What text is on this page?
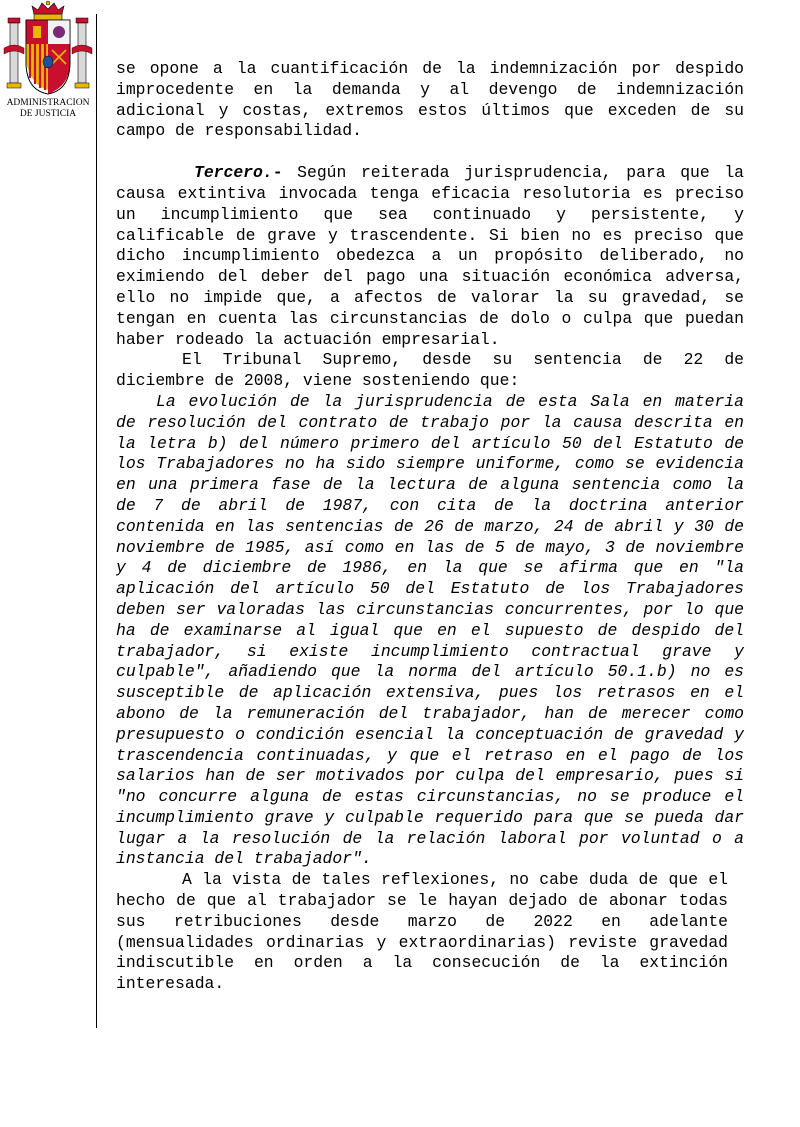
ADMINISTRACION
DE JUSTICIA

se opone a la cuantificación de la indemnización por despido improcedente en la demanda y al devengo de indemnización adicional y costas, extremos estos últimos que exceden de su campo de responsabilidad.

Tercero.- Según reiterada jurisprudencia, para que la causa extintiva invocada tenga eficacia resolutoria es preciso un incumplimiento que sea continuado y persistente, y calificable de grave y trascendente. Si bien no es preciso que dicho incumplimiento obedezca a un propósito deliberado, no eximiendo del deber del pago una situación económica adversa, ello no impide que, a afectos de valorar la su gravedad, se tengan en cuenta las circunstancias de dolo o culpa que puedan haber rodeado la actuación empresarial.

El Tribunal Supremo, desde su sentencia de 22 de diciembre de 2008, viene sosteniendo que:

La evolución de la jurisprudencia de esta Sala en materia de resolución del contrato de trabajo por la causa descrita en la letra b) del número primero del artículo 50 del Estatuto de los Trabajadores no ha sido siempre uniforme, como se evidencia en una primera fase de la lectura de alguna sentencia como la de 7 de abril de 1987, con cita de la doctrina anterior contenida en las sentencias de 26 de marzo, 24 de abril y 30 de noviembre de 1985, así como en las de 5 de mayo, 3 de noviembre y 4 de diciembre de 1986, en la que se afirma que en "la aplicación del artículo 50 del Estatuto de los Trabajadores deben ser valoradas las circunstancias concurrentes, por lo que ha de examinarse al igual que en el supuesto de despido del trabajador, si existe incumplimiento contractual grave y culpable", añadiendo que la norma del artículo 50.1.b) no es susceptible de aplicación extensiva, pues los retrasos en el abono de la remuneración del trabajador, han de merecer como presupuesto o condición esencial la conceptuación de gravedad y trascendencia continuadas, y que el retraso en el pago de los salarios han de ser motivados por culpa del empresario, pues si "no concurre alguna de estas circunstancias, no se produce el incumplimiento grave y culpable requerido para que se pueda dar lugar a la resolución de la relación laboral por voluntad o a instancia del trabajador".

A la vista de tales reflexiones, no cabe duda de que el hecho de que al trabajador se le hayan dejado de abonar todas sus retribuciones desde marzo de 2022 en adelante (mensualidades ordinarias y extraordinarias) reviste gravedad indiscutible en orden a la consecución de la extinción interesada.
